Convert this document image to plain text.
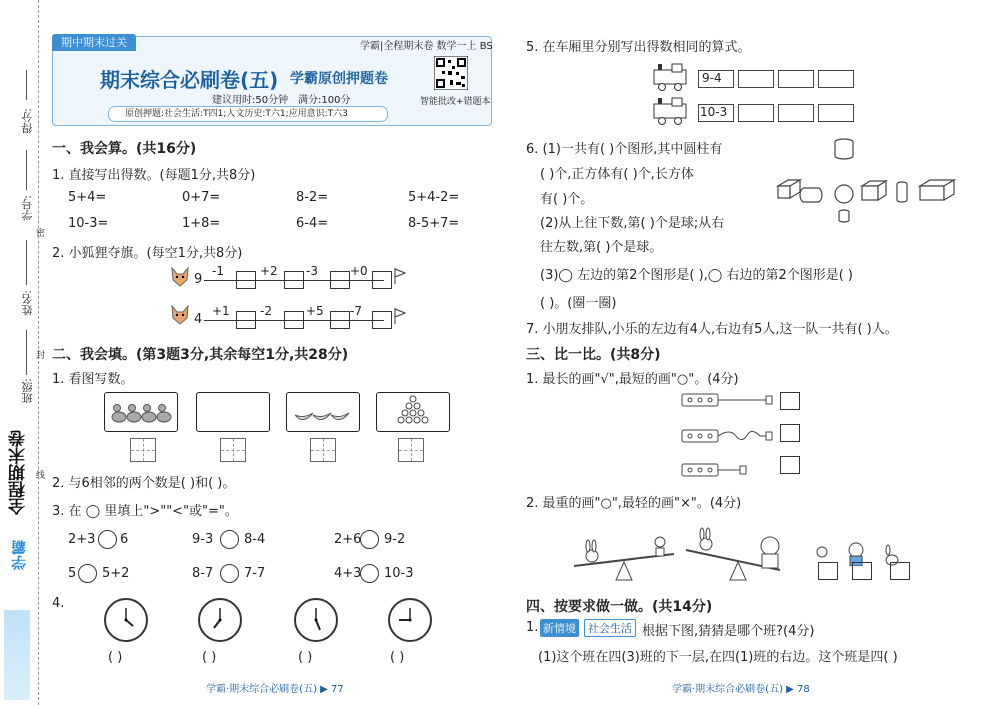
得分:
学号:
姓名:
班级:
密
封
线
全程期末卷
学霸
期中期末过关	学霸|全程期末卷 数学一上 BS
期末综合必刷卷(五) 学霸原创押题卷
建议用时:50分钟 满分:100分	智能批改+错题本
原创押题:社会生活:T四1;人文历史:T六1;应用意识:T六3
一、我会算。(共16分)
1. 直接写出得数。(每题1分,共8分)
5+4=	0+7=	8-2=	5+4-2=
10-3=	1+8=	6-4=	8-5+7=
2. 小狐狸夺旗。(每空1分,共8分)
9
-1	+2 -3	+0
4
+1	-2	+5 -7
二、我会填。(第3题3分,其余每空1分,共28分)
1. 看图写数。
2. 与6相邻的两个数是( )和( )。
3. 在 ◯ 里填上">""<"或"="。
2+3 6	9-3 8-4	2+6 9-2
5 5+2	8-7 7-7	4+3 10-3
4.
( )	( )	( )	( )
学霸·期末综合必刷卷(五) ▶ 77
5. 在车厢里分别写出得数相同的算式。
9-4
10-3
6. (1)一共有( )个图形,其中圆柱有
( )个,正方体有( )个,长方体
有( )个。
(2)从上往下数,第( )个是球;从右
往左数,第( )个是球。
(3)◯ 左边的第2个图形是( ),◯ 右边的第2个图形是( )
( )。(圈一圈)
7. 小朋友排队,小乐的左边有4人,右边有5人,这一队一共有( )人。
三、比一比。(共8分)
1. 最长的画"√",最短的画"○"。(4分)
2. 最重的画"○",最轻的画"×"。(4分)
四、按要求做一做。(共14分)
1. 新情境	社会生活 根据下图,猜猜是哪个班?(4分)
(1)这个班在四(3)班的下一层,在四(1)班的右边。这个班是四( )
学霸·期末综合必刷卷(五) ▶ 78
